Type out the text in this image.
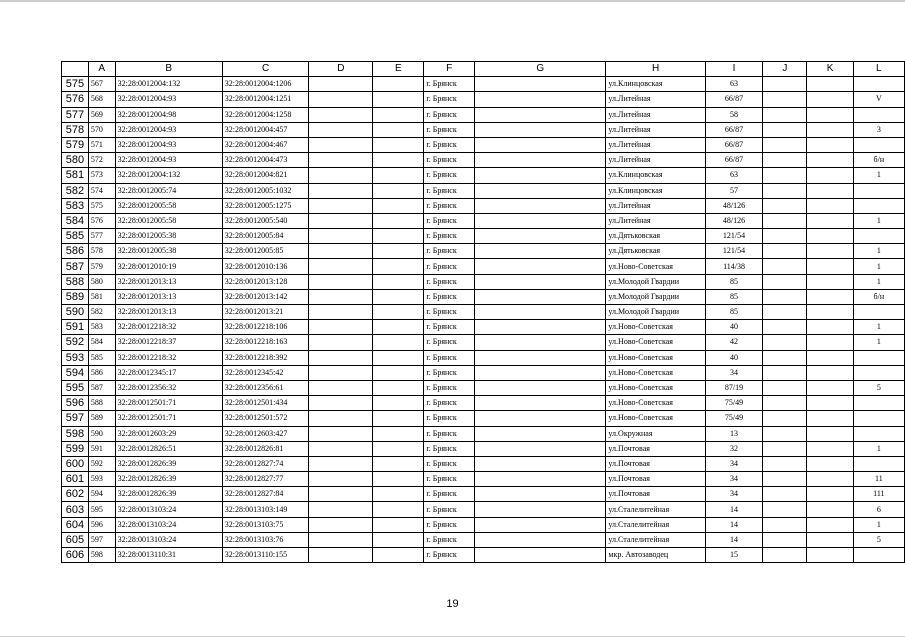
	A	B	C	D	E	F	G	H	I	J	K	L
575	567	32:28:0012004:132	32:28:0012004:1206			г. Брянск		ул.Клинцовская	63			
576	568	32:28:0012004:93	32:28:0012004:1251			г. Брянск		ул.Литейная	66/87			V
577	569	32:28:0012004:98	32:28:0012004:1258			г. Брянск		ул.Литейная	58			
578	570	32:28:0012004:93	32:28:0012004:457			г. Брянск		ул.Литейная	66/87			3
579	571	32:28:0012004:93	32:28:0012004:467			г. Брянск		ул.Литейная	66/87			
580	572	32:28:0012004:93	32:28:0012004:473			г. Брянск		ул.Литейная	66/87			б/н
581	573	32:28:0012004:132	32:28:0012004:821			г. Брянск		ул.Клинцовская	63			1
582	574	32:28:0012005:74	32:28:0012005:1032			г. Брянск		ул.Клинцовская	57			
583	575	32:28:0012005:58	32:28:0012005:1275			г. Брянск		ул.Литейная	48/126			
584	576	32:28:0012005:58	32:28:0012005:540			г. Брянск		ул.Литейная	48/126			1
585	577	32:28:0012005:38	32:28:0012005:84			г. Брянск		ул.Дятьковская	121/54			
586	578	32:28:0012005:38	32:28:0012005:85			г. Брянск		ул.Дятьковская	121/54			1
587	579	32:28:0012010:19	32:28:0012010:136			г. Брянск		ул.Ново-Советская	114/38			1
588	580	32:28:0012013:13	32:28:0012013:128			г. Брянск		ул.Молодой Гвардии	85			1
589	581	32:28:0012013:13	32:28:0012013:142			г. Брянск		ул.Молодой Гвардии	85			б/н
590	582	32:28:0012013:13	32:28:0012013:21			г. Брянск		ул.Молодой Гвардии	85			
591	583	32:28:0012218:32	32:28:0012218:106			г. Брянск		ул.Ново-Советская	40			1
592	584	32:28:0012218:37	32:28:0012218:163			г. Брянск		ул.Ново-Советская	42			1
593	585	32:28:0012218:32	32:28:0012218:392			г. Брянск		ул.Ново-Советская	40			
594	586	32:28:0012345:17	32:28:0012345:42			г. Брянск		ул.Ново-Советская	34			
595	587	32:28:0012356:32	32:28:0012356:61			г. Брянск		ул.Ново-Советская	87/19			5
596	588	32:28:0012501:71	32:28:0012501:434			г. Брянск		ул.Ново-Советская	75/49			
597	589	32:28:0012501:71	32:28:0012501:572			г. Брянск		ул.Ново-Советская	75/49			
598	590	32:28:0012603:29	32:28:0012603:427			г. Брянск		ул.Окружная	13			
599	591	32:28:0012826:51	32:28:0012826:81			г. Брянск		ул.Почтовая	32			1
600	592	32:28:0012826:39	32:28:0012827:74			г. Брянск		ул.Почтовая	34			
601	593	32:28:0012826:39	32:28:0012827:77			г. Брянск		ул.Почтовая	34			11
602	594	32:28:0012826:39	32:28:0012827:84			г. Брянск		ул.Почтовая	34			111
603	595	32:28:0013103:24	32:28:0013103:149			г. Брянск		ул.Сталелитейная	14			6
604	596	32:28:0013103:24	32:28:0013103:75			г. Брянск		ул.Сталелитейная	14			1
605	597	32:28:0013103:24	32:28:0013103:76			г. Брянск		ул.Сталелитейная	14			5
606	598	32:28:0013110:31	32:28:0013110:155			г. Брянск		мкр. Автозаводец	15			
19
